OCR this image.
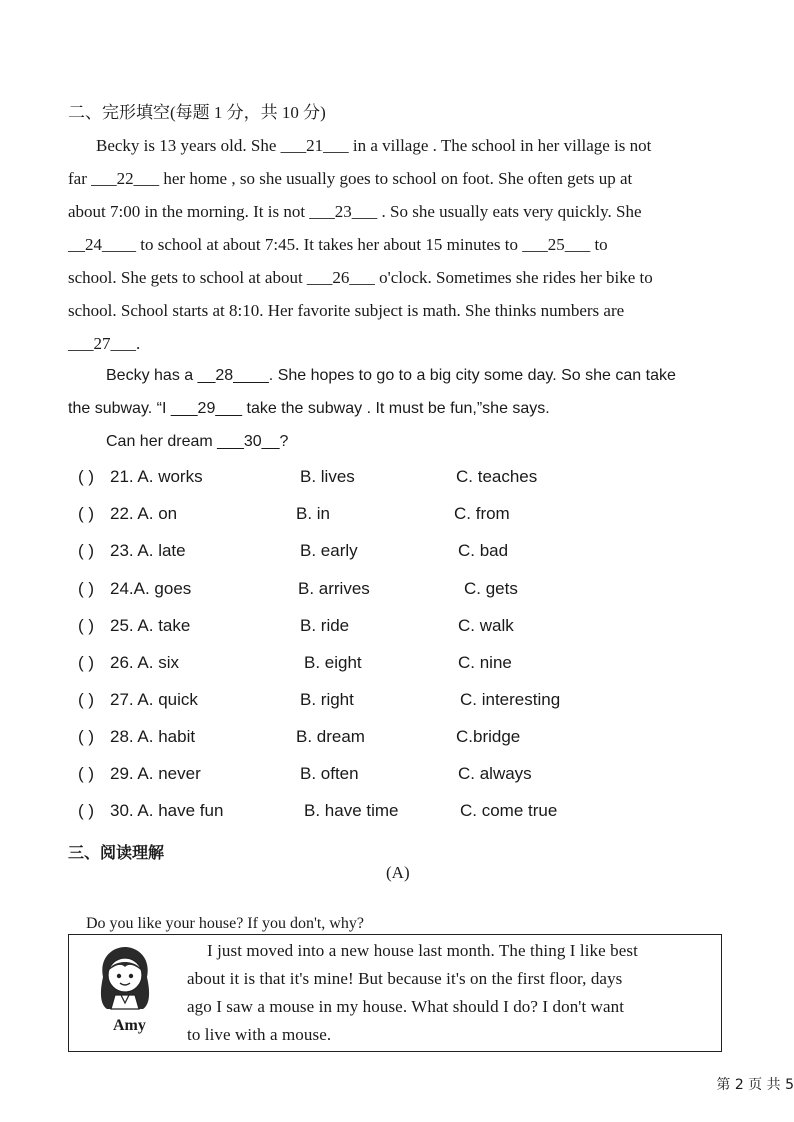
二、完形填空(每题 1 分，共 10 分)
Becky is 13 years old. She ___21___ in a village . The school in her village is not
far ___22___ her home , so she usually goes to school on foot. She often gets up at
about 7:00 in the morning. It is not ___23___ . So she usually eats very quickly. She
__24____ to school at about 7:45. It takes her about 15 minutes to ___25___ to
school. She gets to school at about ___26___ o'clock. Sometimes she rides her bike to
school. School starts at 8:10. Her favorite subject is math. She thinks numbers are
___27___.
Becky has a __28____. She hopes to go to a big city some day. So she can take
the subway. “I ___29___ take the subway . It must be fun,”she says.
Can her dream ___30__?
( ) 21. A. works	B. lives	C. teaches
( ) 22. A. on	B. in	C. from
( ) 23. A. late	B. early	C. bad
( ) 24.A. goes	B. arrives	C. gets
( ) 25. A. take	B. ride	C. walk
( ) 26. A. six	B. eight	C. nine
( ) 27. A. quick	B. right	C. interesting
( ) 28. A. habit	B. dream	C.bridge
( ) 29. A. never	B. often	C. always
( ) 30. A. have fun	B. have time	C. come true
三、阅读理解
(A)
Do you like your house? If you don't, why?
Amy
I just moved into a new house last month. The thing I like best
about it is that it's mine! But because it's on the first floor, days
ago I saw a mouse in my house. What should I do? I don't want
to live with a mouse.
第 2 页 共 5
